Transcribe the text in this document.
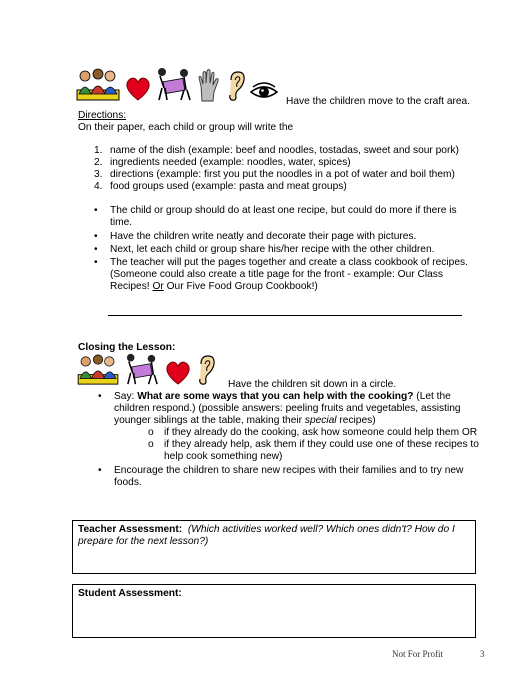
Have the children move to the craft area.
Directions:
On their paper, each child or group will write the
1. name of the dish (example: beef and noodles, tostadas, sweet and sour pork)
2. ingredients needed (example: noodles, water, spices)
3. directions (example: first you put the noodles in a pot of water and boil them)
4. food groups used (example: pasta and meat groups)
• The child or group should do at least one recipe, but could do more if there is
time.
• Have the children write neatly and decorate their page with pictures.
• Next, let each child or group share his/her recipe with the other children.
• The teacher will put the pages together and create a class cookbook of recipes.
(Someone could also create a title page for the front - example: Our Class
Recipes! Or Our Five Food Group Cookbook!)
Closing the Lesson:
Have the children sit down in a circle.
• Say: What are some ways that you can help with the cooking? (Let the
children respond.) (possible answers: peeling fruits and vegetables, assisting
younger siblings at the table, making their special recipes)
o if they already do the cooking, ask how someone could help them OR
o if they already help, ask them if they could use one of these recipes to
help cook something new)
• Encourage the children to share new recipes with their families and to try new
foods.
Teacher Assessment: (Which activities worked well? Which ones didn't? How do I
prepare for the next lesson?)
Student Assessment:
Not For Profit	3
